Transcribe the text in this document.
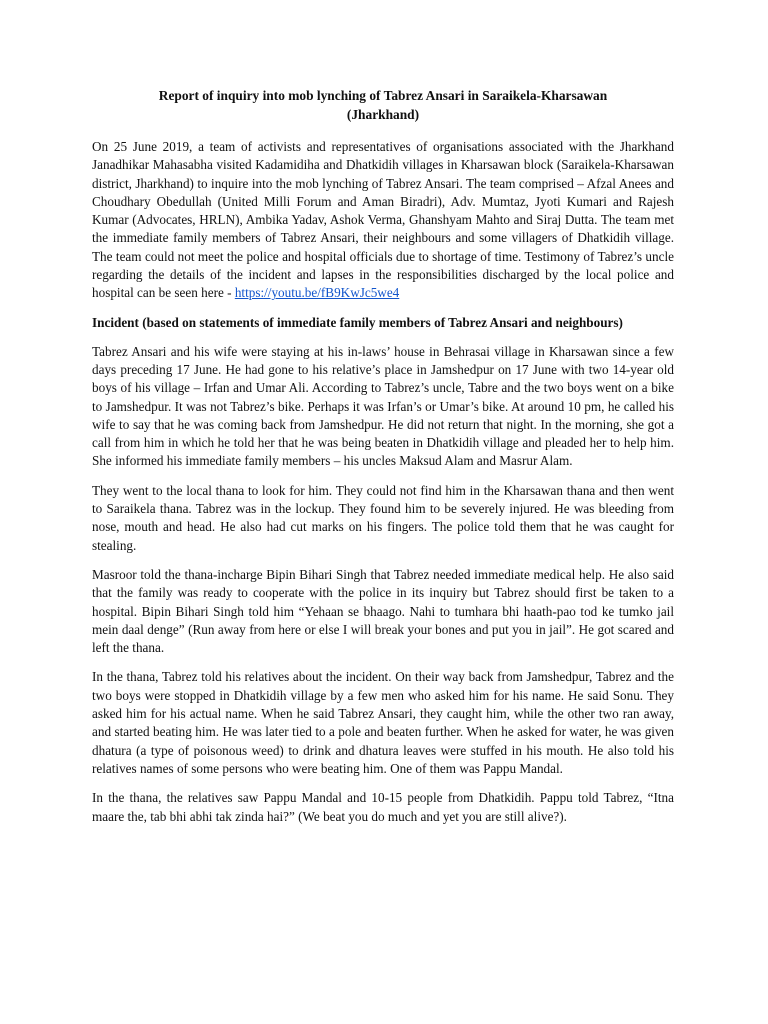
Report of inquiry into mob lynching of Tabrez Ansari in Saraikela-Kharsawan
(Jharkhand)

On 25 June 2019, a team of activists and representatives of organisations associated with the Jharkhand Janadhikar Mahasabha visited Kadamidiha and Dhatkidih villages in Kharsawan block (Saraikela-Kharsawan district, Jharkhand) to inquire into the mob lynching of Tabrez Ansari. The team comprised – Afzal Anees and Choudhary Obedullah (United Milli Forum and Aman Biradri), Adv. Mumtaz, Jyoti Kumari and Rajesh Kumar (Advocates, HRLN), Ambika Yadav, Ashok Verma, Ghanshyam Mahto and Siraj Dutta. The team met the immediate family members of Tabrez Ansari, their neighbours and some villagers of Dhatkidih village. The team could not meet the police and hospital officials due to shortage of time. Testimony of Tabrez’s uncle regarding the details of the incident and lapses in the responsibilities discharged by the local police and hospital can be seen here - https://youtu.be/fB9KwJc5we4

Incident (based on statements of immediate family members of Tabrez Ansari and neighbours)

Tabrez Ansari and his wife were staying at his in-laws’ house in Behrasai village in Kharsawan since a few days preceding 17 June. He had gone to his relative’s place in Jamshedpur on 17 June with two 14-year old boys of his village – Irfan and Umar Ali. According to Tabrez’s uncle, Tabre and the two boys went on a bike to Jamshedpur. It was not Tabrez’s bike. Perhaps it was Irfan’s or Umar’s bike. At around 10 pm, he called his wife to say that he was coming back from Jamshedpur. He did not return that night. In the morning, she got a call from him in which he told her that he was being beaten in Dhatkidih village and pleaded her to help him. She informed his immediate family members – his uncles Maksud Alam and Masrur Alam.

They went to the local thana to look for him. They could not find him in the Kharsawan thana and then went to Saraikela thana. Tabrez was in the lockup. They found him to be severely injured. He was bleeding from nose, mouth and head. He also had cut marks on his fingers. The police told them that he was caught for stealing.

Masroor told the thana-incharge Bipin Bihari Singh that Tabrez needed immediate medical help. He also said that the family was ready to cooperate with the police in its inquiry but Tabrez should first be taken to a hospital. Bipin Bihari Singh told him “Yehaan se bhaago. Nahi to tumhara bhi haath-pao tod ke tumko jail mein daal denge” (Run away from here or else I will break your bones and put you in jail”. He got scared and left the thana.

In the thana, Tabrez told his relatives about the incident. On their way back from Jamshedpur, Tabrez and the two boys were stopped in Dhatkidih village by a few men who asked him for his name. He said Sonu. They asked him for his actual name. When he said Tabrez Ansari, they caught him, while the other two ran away, and started beating him. He was later tied to a pole and beaten further. When he asked for water, he was given dhatura (a type of poisonous weed) to drink and dhatura leaves were stuffed in his mouth. He also told his relatives names of some persons who were beating him. One of them was Pappu Mandal.

In the thana, the relatives saw Pappu Mandal and 10-15 people from Dhatkidih. Pappu told Tabrez, “Itna maare the, tab bhi abhi tak zinda hai?” (We beat you do much and yet you are still alive?).
